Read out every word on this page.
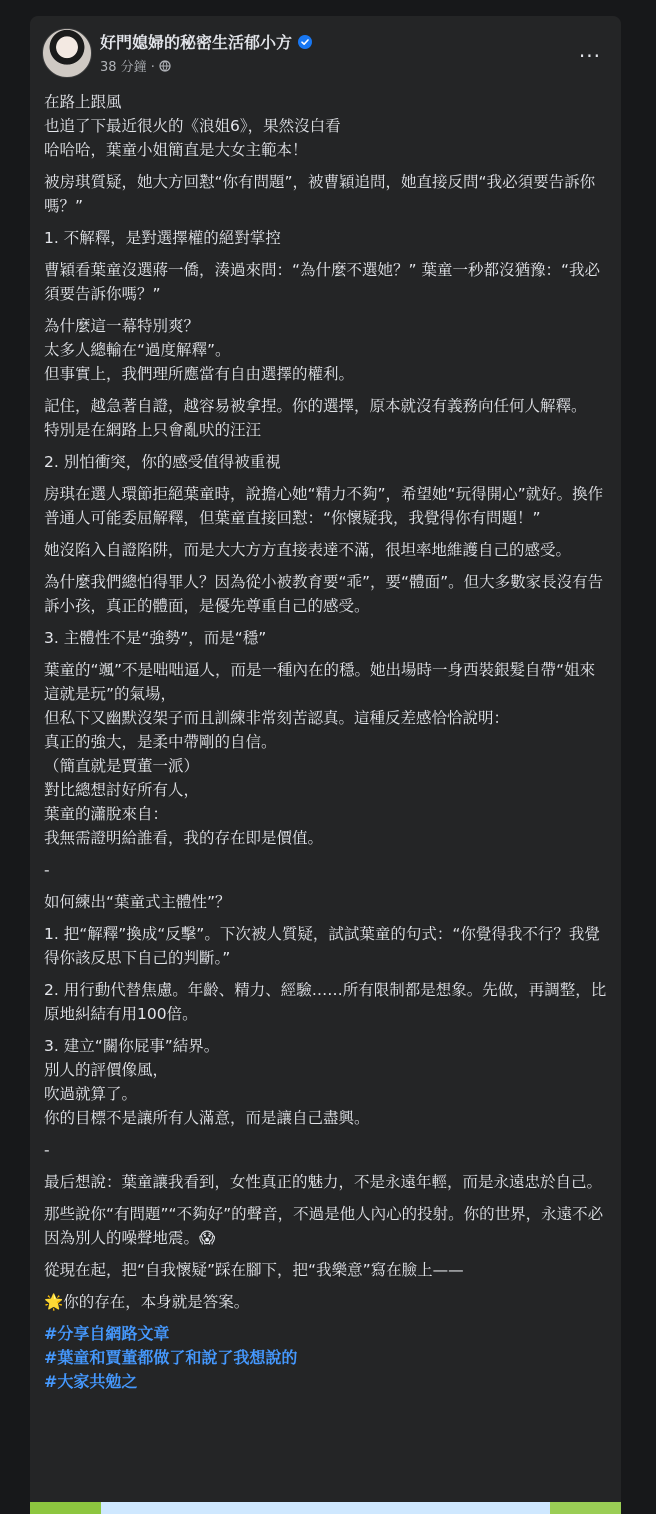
好門媳婦的秘密生活郁小方
38 分鐘 ·	···

在路上跟風
也追了下最近很火的《浪姐6》，果然沒白看
哈哈哈，葉童小姐簡直是大女主範本！

被房琪質疑，她大方回懟“你有問題”，被曹穎追問，她直接反問“我必須要告訴你嗎？”

1. 不解釋，是對選擇權的絕對掌控

曹穎看葉童沒選蔣一僑，湊過來問：“為什麼不選她？” 葉童一秒都沒猶豫：“我必須要告訴你嗎？”

為什麼這一幕特別爽？
太多人總輸在“過度解釋”。
但事實上，我們理所應當有自由選擇的權利。

記住，越急著自證，越容易被拿捏。你的選擇，原本就沒有義務向任何人解釋。
特別是在網路上只會亂吠的汪汪

2. 別怕衝突，你的感受值得被重視

房琪在選人環節拒絕葉童時，說擔心她“精力不夠”，希望她“玩得開心”就好。換作普通人可能委屈解釋，但葉童直接回懟：“你懷疑我，我覺得你有問題！”

她沒陷入自證陷阱，而是大大方方直接表達不滿，很坦率地維護自己的感受。

為什麼我們總怕得罪人？因為從小被教育要“乖”，要“體面”。但大多數家長沒有告訴小孩，真正的體面，是優先尊重自己的感受。

3. 主體性不是“強勢”，而是“穩”

葉童的“颯”不是咄咄逼人，而是一種內在的穩。她出場時一身西裝銀髮自帶“姐來這就是玩”的氣場，
但私下又幽默沒架子而且訓練非常刻苦認真。這種反差感恰恰說明：
真正的強大，是柔中帶剛的自信。
（簡直就是賈董一派）
對比總想討好所有人，
葉童的瀟脫來自：
我無需證明給誰看，我的存在即是價值。

-

如何練出“葉童式主體性”？

1. 把“解釋”換成“反擊”。下次被人質疑，試試葉童的句式：“你覺得我不行？我覺得你該反思下自己的判斷。”

2. 用行動代替焦慮。年齡、精力、經驗……所有限制都是想象。先做，再調整，比原地糾結有用100倍。

3. 建立“關你屁事”結界。
別人的評價像風，
吹過就算了。
你的目標不是讓所有人滿意，而是讓自己盡興。

-

最后想說：葉童讓我看到，女性真正的魅力，不是永遠年輕，而是永遠忠於自己。

那些說你“有問題”“不夠好”的聲音，不過是他人內心的投射。你的世界，永遠不必因為別人的噪聲地震。😱

從現在起，把“自我懷疑”踩在腳下，把“我樂意”寫在臉上——

🌟你的存在，本身就是答案。

#分享自網路文章
#葉童和賈董都做了和說了我想說的
#大家共勉之
